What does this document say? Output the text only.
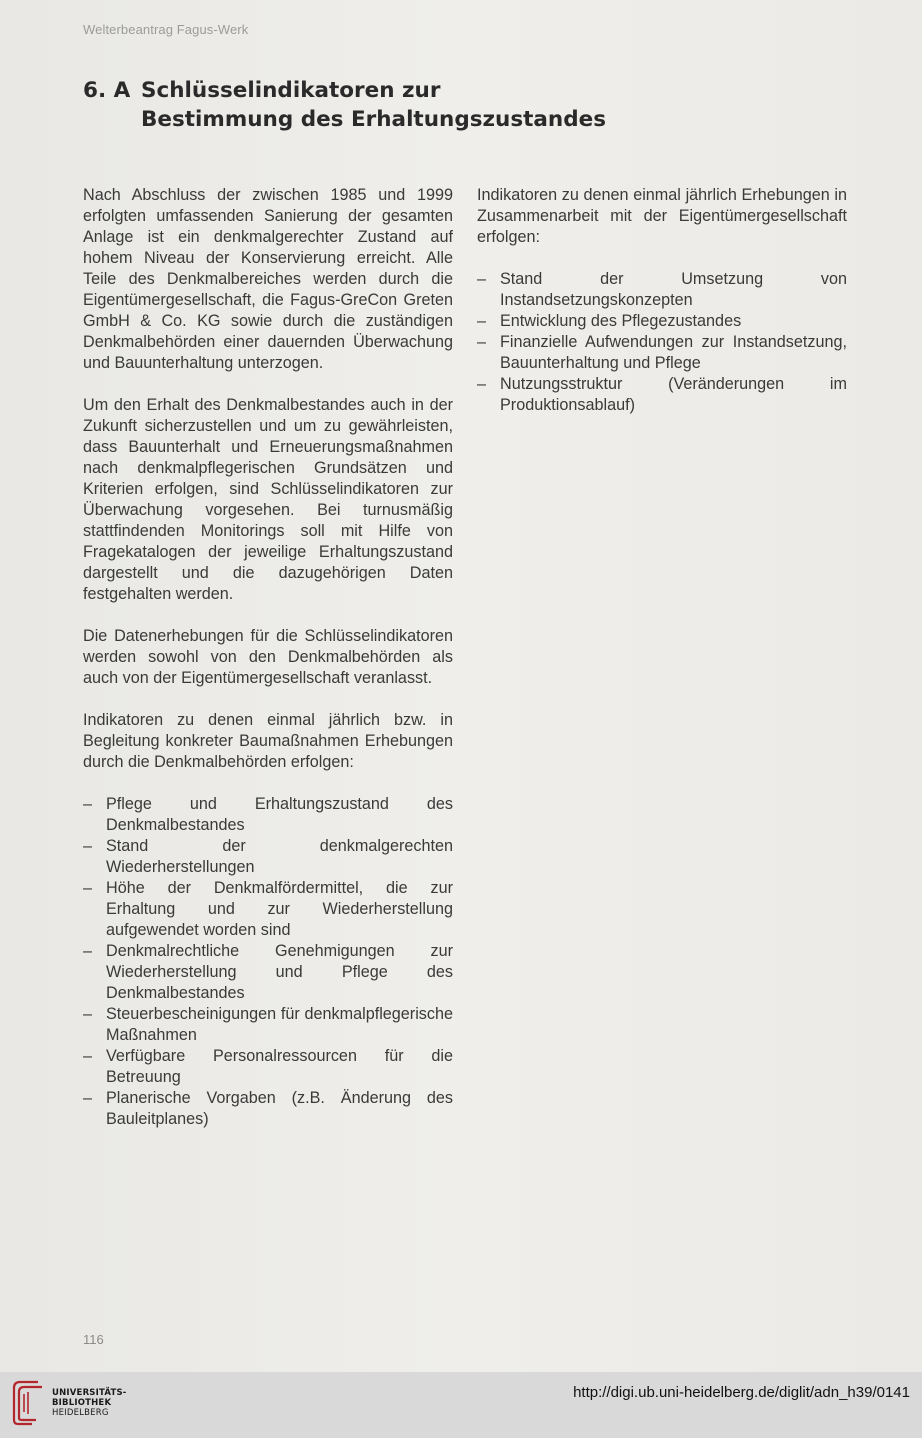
Welterbeantrag Fagus-Werk
6. A Schlüsselindikatoren zur
Bestimmung des Erhaltungszustandes

Nach Abschluss der zwischen 1985 und 1999 erfolgten umfassenden Sanierung der gesamten Anlage ist ein denkmalgerechter Zustand auf hohem Niveau der Konservierung erreicht. Alle Teile des Denkmalbereiches werden durch die Eigentümergesellschaft, die Fagus-GreCon Greten GmbH & Co. KG sowie durch die zuständigen Denkmalbehörden einer dauernden Überwachung und Bauunterhaltung unterzogen.

Um den Erhalt des Denkmalbestandes auch in der Zukunft sicherzustellen und um zu gewährleisten, dass Bauunterhalt und Erneuerungsmaßnahmen nach denkmalpflegerischen Grundsätzen und Kriterien erfolgen, sind Schlüsselindikatoren zur Überwachung vorgesehen. Bei turnusmäßig stattfindenden Monitorings soll mit Hilfe von Fragekatalogen der jeweilige Erhaltungszustand dargestellt und die dazugehörigen Daten festgehalten werden.

Die Datenerhebungen für die Schlüsselindikatoren werden sowohl von den Denkmalbehörden als auch von der Eigentümergesellschaft veranlasst.

Indikatoren zu denen einmal jährlich bzw. in Begleitung konkreter Baumaßnahmen Erhebungen durch die Denkmalbehörden erfolgen:

– Pflege und Erhaltungszustand des Denkmalbestandes
– Stand der denkmalgerechten Wiederherstellungen
– Höhe der Denkmalfördermittel, die zur Erhaltung und zur Wiederherstellung aufgewendet worden sind
– Denkmalrechtliche Genehmigungen zur Wiederherstellung und Pflege des Denkmalbestandes
– Steuerbescheinigungen für denkmalpflegerische Maßnahmen
– Verfügbare Personalressourcen für die Betreuung
– Planerische Vorgaben (z.B. Änderung des Bauleitplanes)

Indikatoren zu denen einmal jährlich Erhebungen in Zusammenarbeit mit der Eigentümergesellschaft erfolgen:

– Stand der Umsetzung von Instandsetzungskonzepten
– Entwicklung des Pflegezustandes
– Finanzielle Aufwendungen zur Instandsetzung, Bauunterhaltung und Pflege
– Nutzungsstruktur (Veränderungen im Produktionsablauf)
116
UNIVERSITÄTS-
BIBLIOTHEK
HEIDELBERG
http://digi.ub.uni-heidelberg.de/diglit/adn_h39/0141
